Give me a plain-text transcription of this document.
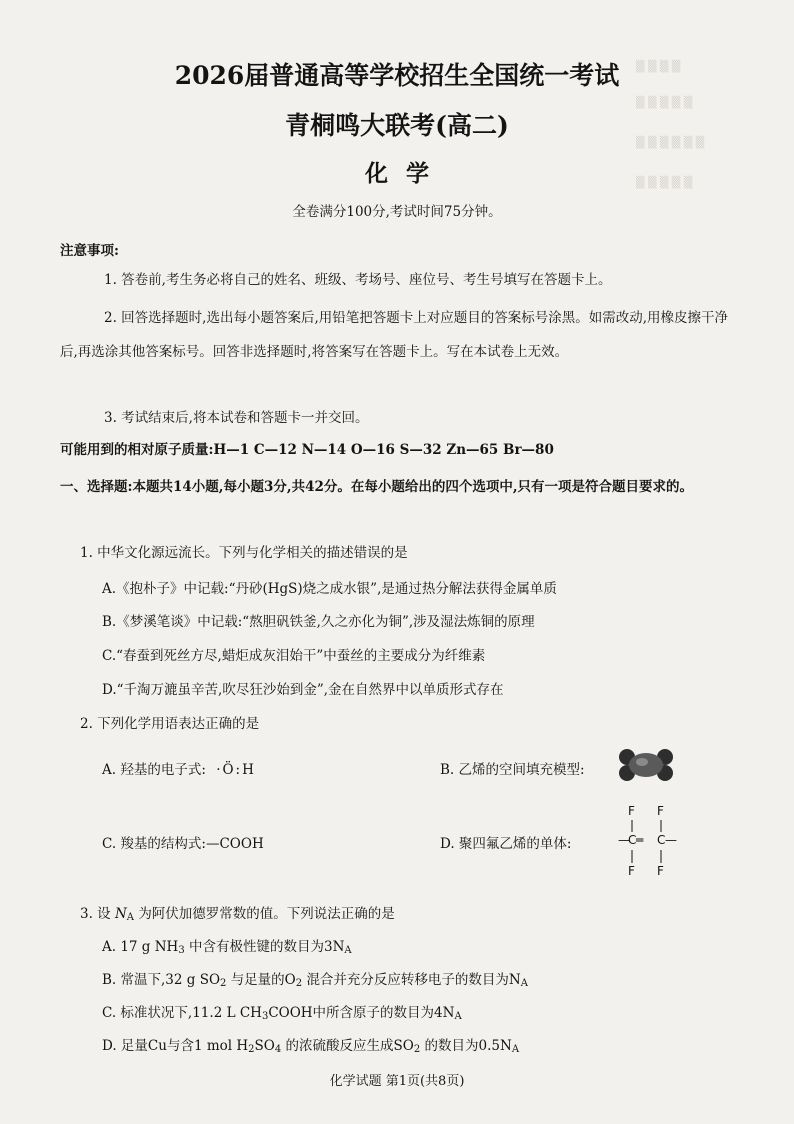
▒ ▒ ▒ ▒
▒ ▒ ▒ ▒ ▒
▒ ▒ ▒ ▒ ▒ ▒
▒ ▒ ▒ ▒ ▒
2026届普通高等学校招生全国统一考试
青桐鸣大联考(高二)
化学
全卷满分100分,考试时间75分钟。
注意事项:
1. 答卷前,考生务必将自己的姓名、班级、考场号、座位号、考生号填写在答题卡上。
2. 回答选择题时,选出每小题答案后,用铅笔把答题卡上对应题目的答案标号涂黑。如需改动,用橡皮擦干净后,再选涂其他答案标号。回答非选择题时,将答案写在答题卡上。写在本试卷上无效。
3. 考试结束后,将本试卷和答题卡一并交回。
可能用到的相对原子质量:H—1 C—12 N—14 O—16 S—32 Zn—65 Br—80
一、选择题:本题共14小题,每小题3分,共42分。在每小题给出的四个选项中,只有一项是符合题目要求的。
1. 中华文化源远流长。下列与化学相关的描述错误的是
A.《抱朴子》中记载:“丹砂(HgS)烧之成水银”,是通过热分解法获得金属单质
B.《梦溪笔谈》中记载:“熬胆矾铁釜,久之亦化为铜”,涉及湿法炼铜的原理
C.“春蚕到死丝方尽,蜡炬成灰泪始干”中蚕丝的主要成分为纤维素
D.“千淘万漉虽辛苦,吹尽狂沙始到金”,金在自然界中以单质形式存在
2. 下列化学用语表达正确的是
A. 羟基的电子式: ·Ö:H	B. 乙烯的空间填充模型:
C. 羧基的结构式:—COOH	D. 聚四氟乙烯的单体:
F F
—
C ═ C —
F F
3. 设 NA 为阿伏加德罗常数的值。下列说法正确的是
A. 17 g NH3 中含有极性键的数目为3NA
B. 常温下,32 g SO2 与足量的O2 混合并充分反应转移电子的数目为NA
C. 标准状况下,11.2 L CH3COOH中所含原子的数目为4NA
D. 足量Cu与含1 mol H2SO4 的浓硫酸反应生成SO2 的数目为0.5NA
化学试题 第1页(共8页)
